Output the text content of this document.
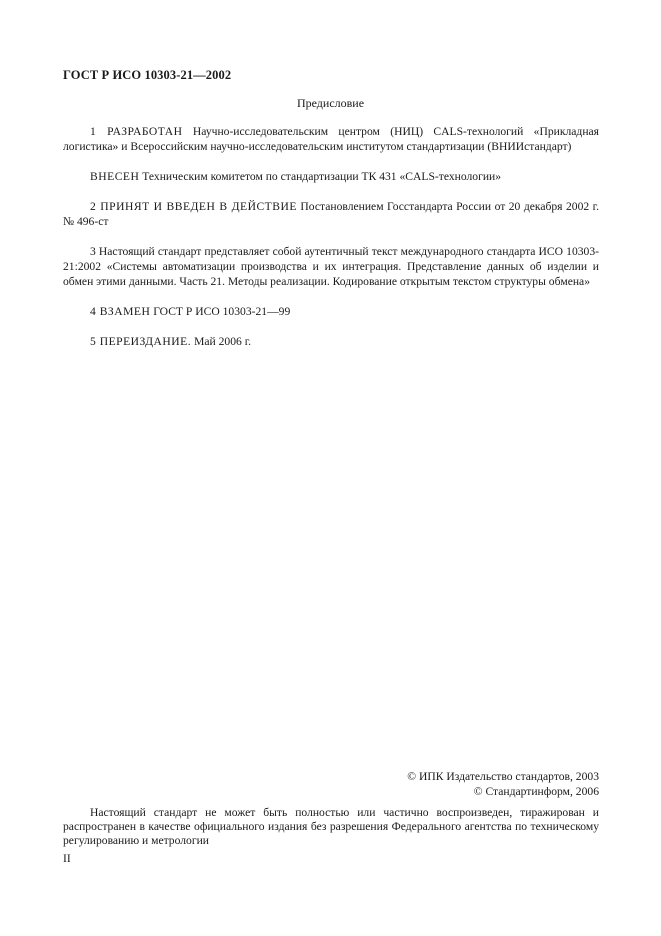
ГОСТ Р ИСО 10303-21—2002
Предисловие

1 РАЗРАБОТАН Научно-исследовательским центром (НИЦ) CALS-технологий «Прикладная логистика» и Всероссийским научно-исследовательским институтом стандартизации (ВНИИстандарт)

ВНЕСЕН Техническим комитетом по стандартизации ТК 431 «CALS-технологии»

2 ПРИНЯТ И ВВЕДЕН В ДЕЙСТВИЕ Постановлением Госстандарта России от 20 декабря 2002 г. № 496-ст

3 Настоящий стандарт представляет собой аутентичный текст международного стандарта ИСО 10303-21:2002 «Системы автоматизации производства и их интеграция. Представление данных об изделии и обмен этими данными. Часть 21. Методы реализации. Кодирование открытым текстом структуры обмена»

4 ВЗАМЕН ГОСТ Р ИСО 10303-21—99

5 ПЕРЕИЗДАНИЕ. Май 2006 г.

© ИПК Издательство стандартов, 2003
© Стандартинформ, 2006

Настоящий стандарт не может быть полностью или частично воспроизведен, тиражирован и распространен в качестве официального издания без разрешения Федерального агентства по техническому регулированию и метрологии

II
